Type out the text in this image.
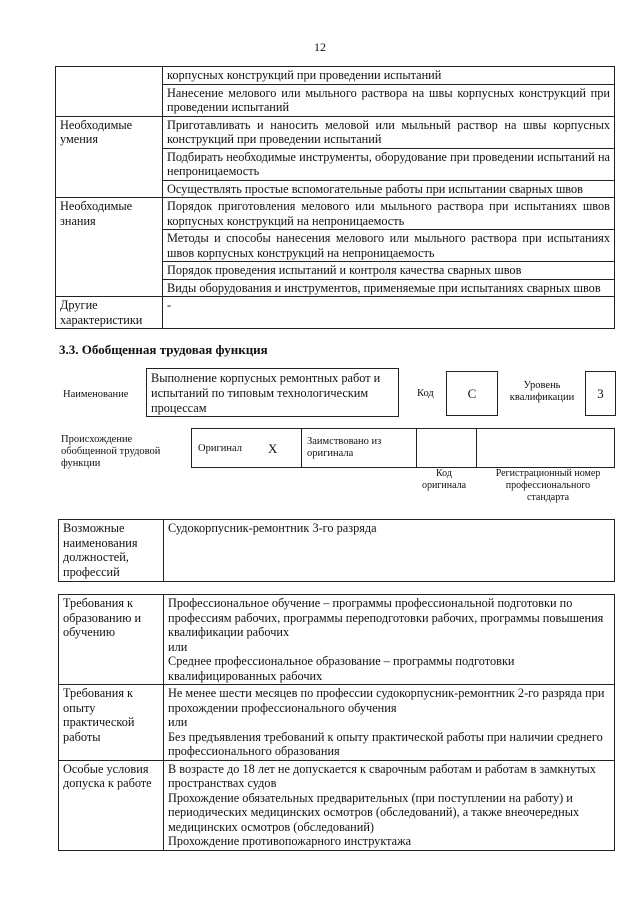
12
	корпусных конструкций при проведении испытаний
	Нанесение мелового или мыльного раствора на швы корпусных конструкций при проведении испытаний
Необходимые умения	Приготавливать и наносить меловой или мыльный раствор на швы корпусных конструкций при проведении испытаний
	Подбирать необходимые инструменты, оборудование при проведении испытаний на непроницаемость
	Осуществлять простые вспомогательные работы при испытании сварных швов
Необходимые знания	Порядок приготовления мелового или мыльного раствора при испытаниях швов корпусных конструкций на непроницаемость
	Методы и способы нанесения мелового или мыльного раствора при испытаниях швов корпусных конструкций на непроницаемость
	Порядок проведения испытаний и контроля качества сварных швов
	Виды оборудования и инструментов, применяемые при испытаниях сварных швов
Другие характеристики	-
3.3. Обобщенная трудовая функция
Наименование
Выполнение корпусных ремонтных работ и испытаний по типовым технологическим процессам
Код	C	Уровень квалификации 3
Происхождение обобщенной трудовой функции
Оригинал X	Заимствовано из оригинала
Код оригинала
Регистрационный номер профессионального стандарта
Возможные наименования должностей, профессий	Судокорпусник-ремонтник 3-го разряда
Требования к образованию и обучению	Профессиональное обучение – программы профессиональной подготовки по профессиям рабочих, программы переподготовки рабочих, программы повышения квалификации рабочих
или
Среднее профессиональное образование – программы подготовки квалифицированных рабочих

Требования к опыту практической работы	Не менее шести месяцев по профессии судокорпусник-ремонтник 2-го разряда при прохождении профессионального обучения
или
Без предъявления требований к опыту практической работы при наличии среднего профессионального образования

Особые условия допуска к работе	В возрасте до 18 лет не допускается к сварочным работам и работам в замкнутых пространствах судов
Прохождение обязательных предварительных (при поступлении на работу) и периодических медицинских осмотров (обследований), а также внеочередных медицинских осмотров (обследований)
Прохождение противопожарного инструктажа
